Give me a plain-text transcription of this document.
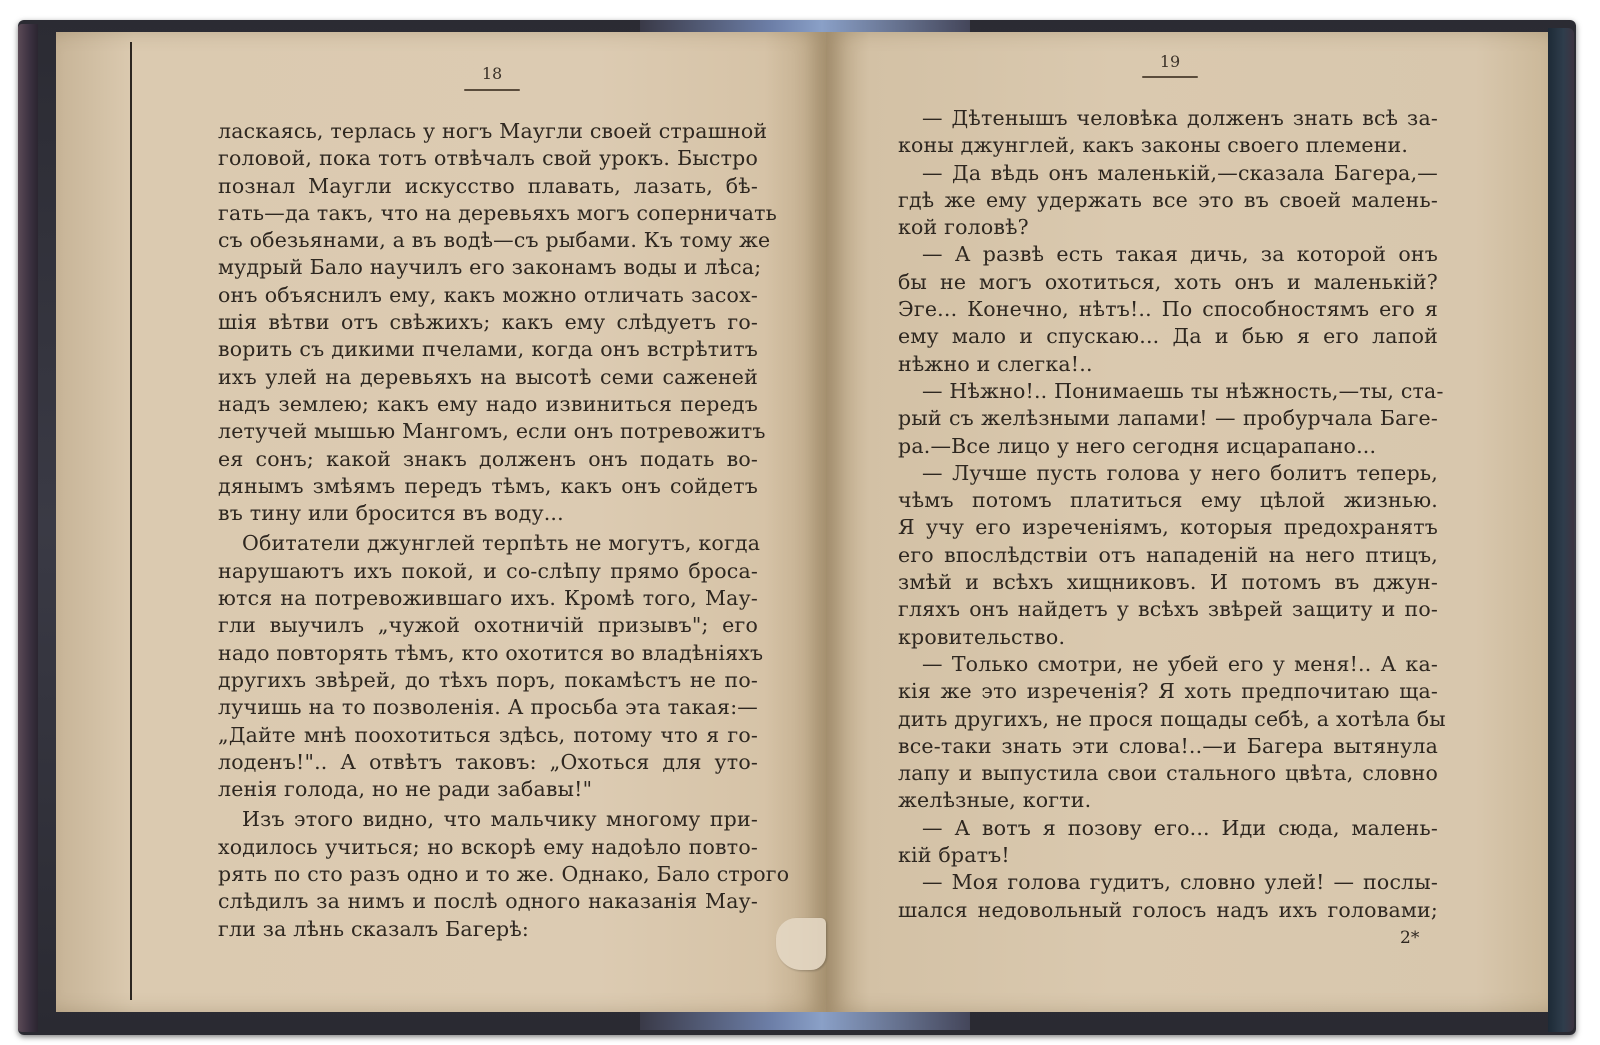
18
19
ласкаясь, терлась у ногъ Маугли своей страшной
головой, пока тотъ отвѣчалъ свой урокъ. Быстро
познал Маугли искусство плавать, лазать, бѣ-
гать—да такъ, что на деревьяхъ могъ соперничать
съ обезьянами, а въ водѣ—съ рыбами. Къ тому же
мудрый Бало научилъ его законамъ воды и лѣса;
онъ объяснилъ ему, какъ можно отличать засох-
шія вѣтви отъ свѣжихъ; какъ ему слѣдуетъ го-
ворить съ дикими пчелами, когда онъ встрѣтитъ
ихъ улей на деревьяхъ на высотѣ семи саженей
надъ землею; какъ ему надо извиниться передъ
летучей мышью Мангомъ, если онъ потревожитъ
ея сонъ; какой знакъ долженъ онъ подать во-
дянымъ змѣямъ передъ тѣмъ, какъ онъ сойдетъ
въ тину или бросится въ воду...
Обитатели джунглей терпѣть не могутъ, когда
нарушаютъ ихъ покой, и со-слѣпу прямо броса-
ются на потревожившаго ихъ. Кромѣ того, Мау-
гли выучилъ „чужой охотничій призывъ"; его
надо повторять тѣмъ, кто охотится во владѣніяхъ
другихъ звѣрей, до тѣхъ поръ, покамѣстъ не по-
лучишь на то позволенія. А просьба эта такая:—
„Дайте мнѣ поохотиться здѣсь, потому что я го-
лоденъ!".. А отвѣтъ таковъ: „Охоться для уто-
ленія голода, но не ради забавы!"
Изъ этого видно, что мальчику многому при-
ходилось учиться; но вскорѣ ему надоѣло повто-
рять по сто разъ одно и то же. Однако, Бало строго
слѣдилъ за нимъ и послѣ одного наказанія Мау-
гли за лѣнь сказалъ Багерѣ:
— Дѣтенышъ человѣка долженъ знать всѣ за-
коны джунглей, какъ законы своего племени.
— Да вѣдь онъ маленькій,—сказала Багера,—
гдѣ же ему удержать все это въ своей малень-
кой головѣ?
— А развѣ есть такая дичь, за которой онъ
бы не могъ охотиться, хоть онъ и маленькій?
Эге... Конечно, нѣтъ!.. По способностямъ его я
ему мало и спускаю... Да и бью я его лапой
нѣжно и слегка!..
— Нѣжно!.. Понимаешь ты нѣжность,—ты, ста-
рый съ желѣзными лапами! — пробурчала Баге-
ра.—Все лицо у него сегодня исцарапано...
— Лучше пусть голова у него болитъ теперь,
чѣмъ потомъ платиться ему цѣлой жизнью.
Я учу его изреченіямъ, которыя предохранятъ
его впослѣдствіи отъ нападеній на него птицъ,
змѣй и всѣхъ хищниковъ. И потомъ въ джун-
гляхъ онъ найдетъ у всѣхъ звѣрей защиту и по-
кровительство.
— Только смотри, не убей его у меня!.. А ка-
кія же это изреченія? Я хоть предпочитаю ща-
дить другихъ, не прося пощады себѣ, а хотѣла бы
все-таки знать эти слова!..—и Багера вытянула
лапу и выпустила свои стального цвѣта, словно
желѣзные, когти.
— А вотъ я позову его... Иди сюда, малень-
кій братъ!
— Моя голова гудитъ, словно улей! — послы-
шался недовольный голосъ надъ ихъ головами;
2*
